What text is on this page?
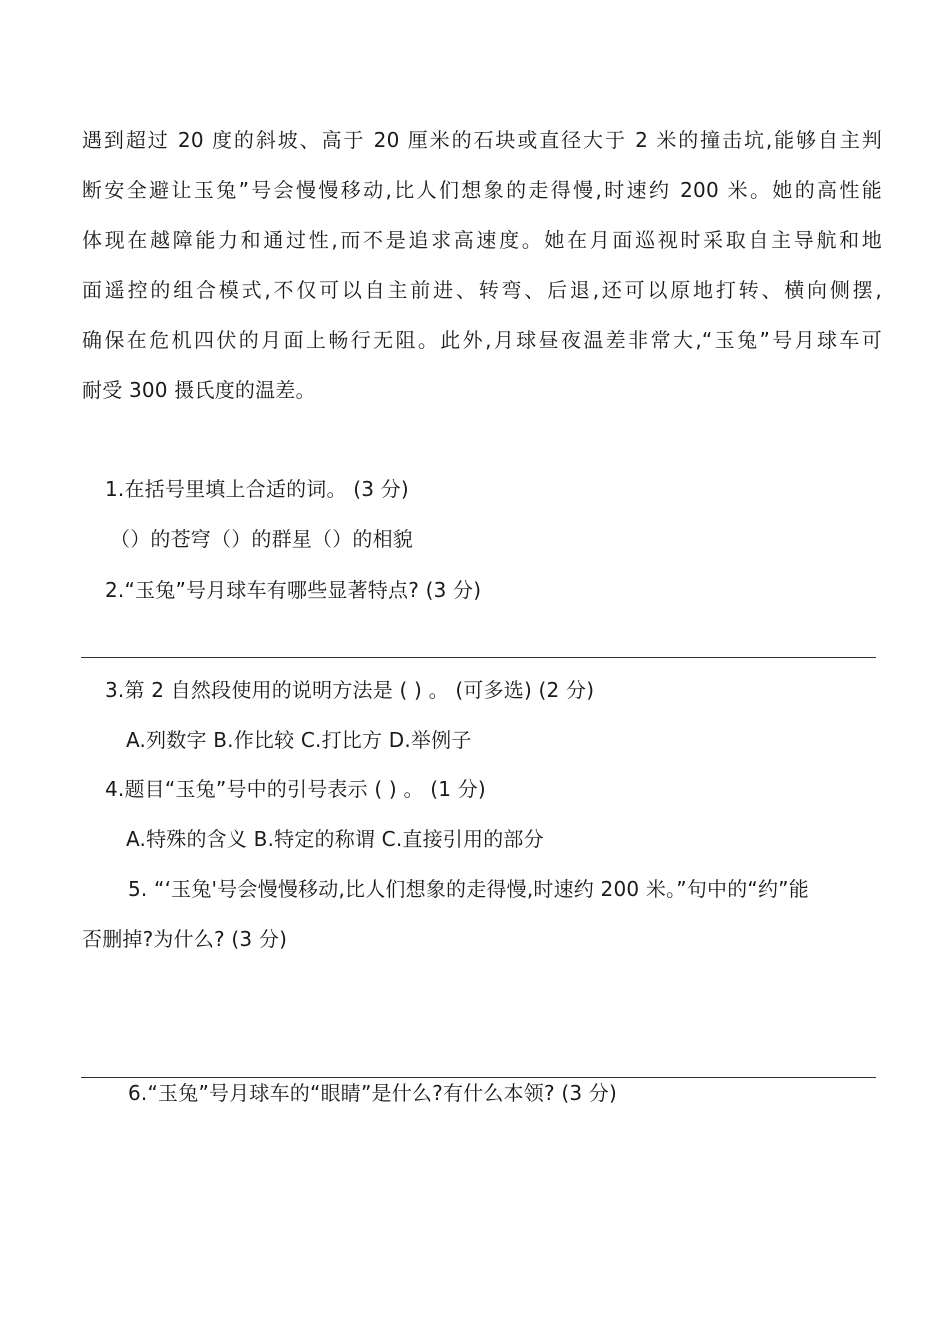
遇到超过 20 度的斜坡、高于 20 厘米的石块或直径大于 2 米的撞击坑,能够自主判
断安全避让玉兔”号会慢慢移动,比人们想象的走得慢,时速约 200 米。她的高性能
体现在越障能力和通过性,而不是追求高速度。她在月面巡视时采取自主导航和地
面遥控的组合模式,不仅可以自主前进、转弯、后退,还可以原地打转、横向侧摆,
确保在危机四伏的月面上畅行无阻。此外,月球昼夜温差非常大,“玉兔”号月球车可
耐受 300 摄氏度的温差。
1.在括号里填上合适的词。 (3 分)
（）的苍穹（）的群星（）的相貌
2.“玉兔”号月球车有哪些显著特点? (3 分)
3.第 2 自然段使用的说明方法是 ( ) 。 (可多选) (2 分)
A.列数字 B.作比较 C.打比方 D.举例子
4.题目“玉兔”号中的引号表示 ( ) 。 (1 分)
A.特殊的含义 B.特定的称谓 C.直接引用的部分
5. “‘玉兔'号会慢慢移动,比人们想象的走得慢,时速约 200 米。”句中的“约”能
否删掉?为什么? (3 分)
6.“玉兔”号月球车的“眼睛”是什么?有什么本领? (3 分)
